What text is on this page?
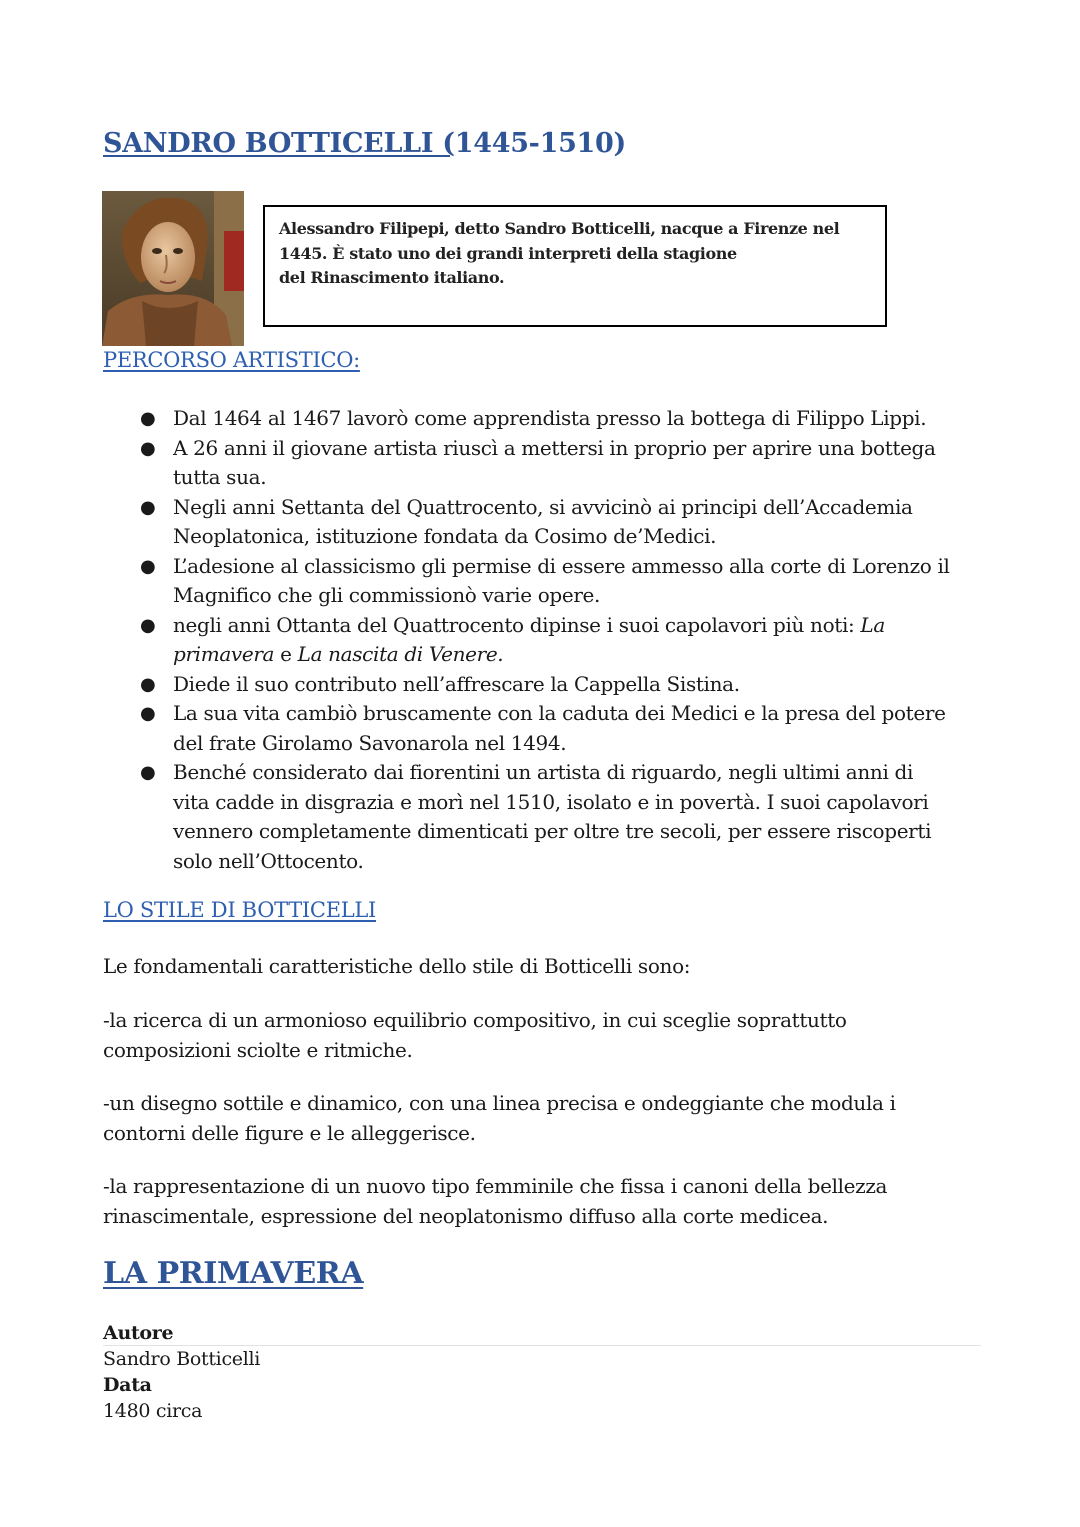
SANDRO BOTTICELLI (1445-1510)
Alessandro Filipepi, detto Sandro Botticelli, nacque a Firenze nel
1445. È stato uno dei grandi interpreti della stagione
del Rinascimento italiano.
PERCORSO ARTISTICO:
● Dal 1464 al 1467 lavorò come apprendista presso la bottega di Filippo Lippi.
● A 26 anni il giovane artista riuscì a mettersi in proprio per aprire una bottega
tutta sua.
● Negli anni Settanta del Quattrocento, si avvicinò ai principi dell’Accademia
Neoplatonica, istituzione fondata da Cosimo de’Medici.
● L’adesione al classicismo gli permise di essere ammesso alla corte di Lorenzo il
Magnifico che gli commissionò varie opere.
● negli anni Ottanta del Quattrocento dipinse i suoi capolavori più noti: La
primavera e La nascita di Venere.
● Diede il suo contributo nell’affrescare la Cappella Sistina.
● La sua vita cambiò bruscamente con la caduta dei Medici e la presa del potere
del frate Girolamo Savonarola nel 1494.
● Benché considerato dai fiorentini un artista di riguardo, negli ultimi anni di
vita cadde in disgrazia e morì nel 1510, isolato e in povertà. I suoi capolavori
vennero completamente dimenticati per oltre tre secoli, per essere riscoperti
solo nell’Ottocento.
LO STILE DI BOTTICELLI
Le fondamentali caratteristiche dello stile di Botticelli sono:
-la ricerca di un armonioso equilibrio compositivo, in cui sceglie soprattutto
composizioni sciolte e ritmiche.
-un disegno sottile e dinamico, con una linea precisa e ondeggiante che modula i
contorni delle figure e le alleggerisce.
-la rappresentazione di un nuovo tipo femminile che fissa i canoni della bellezza
rinascimentale, espressione del neoplatonismo diffuso alla corte medicea.
LA PRIMAVERA
Autore
Sandro Botticelli
Data
1480 circa
